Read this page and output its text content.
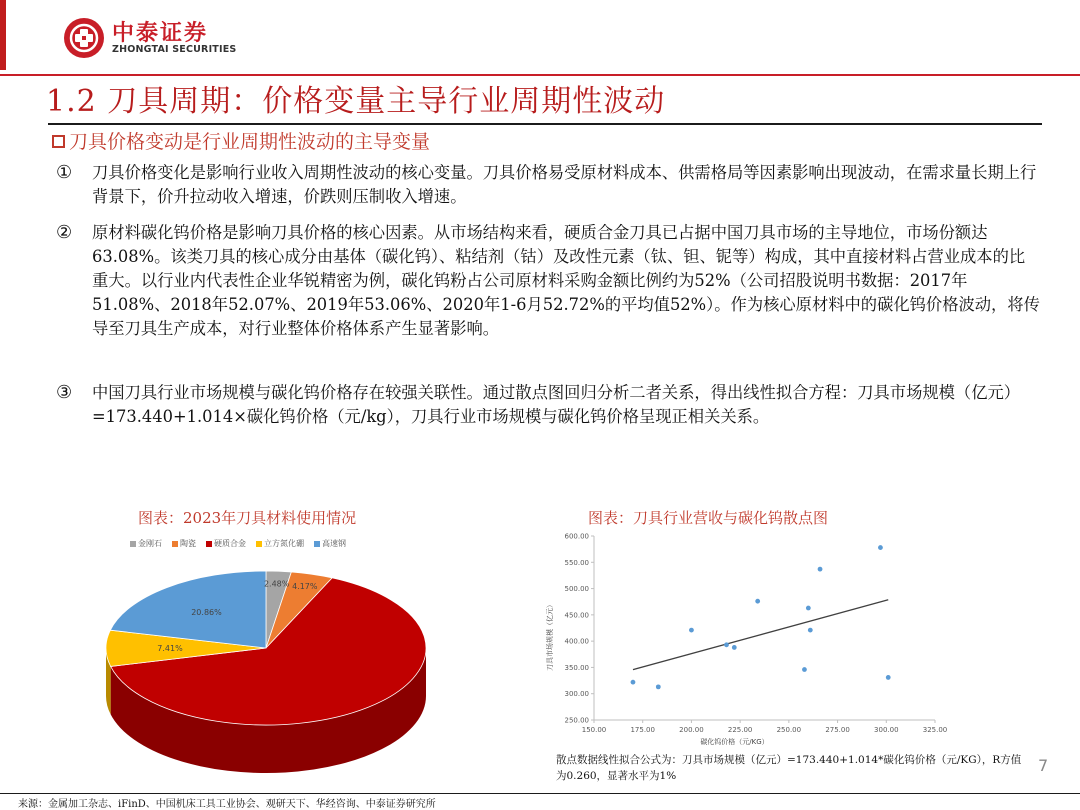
中泰证券
ZHONGTAI SECURITIES
1.2 刀具周期：价格变量主导行业周期性波动
刀具价格变动是行业周期性波动的主导变量
① 刀具价格变化是影响行业收入周期性波动的核心变量。刀具价格易受原材料成本、供需格局等因素影响出现波动，在需求量长期上行背景下，价升拉动收入增速，价跌则压制收入增速。
② 原材料碳化钨价格是影响刀具价格的核心因素。从市场结构来看，硬质合金刀具已占据中国刀具市场的主导地位，市场份额达63.08%。该类刀具的核心成分由基体（碳化钨）、粘结剂（钴）及改性元素（钛、钽、铌等）构成，其中直接材料占营业成本的比重大。以行业内代表性企业华锐精密为例，碳化钨粉占公司原材料采购金额比例约为52%（公司招股说明书数据：2017年51.08%、2018年52.07%、2019年53.06%、2020年1-6月52.72%的平均值52%）。作为核心原材料中的碳化钨价格波动，将传导至刀具生产成本，对行业整体价格体系产生显著影响。
③ 中国刀具行业市场规模与碳化钨价格存在较强关联性。通过散点图回归分析二者关系，得出线性拟合方程：刀具市场规模（亿元）=173.440+1.014×碳化钨价格（元/kg），刀具行业市场规模与碳化钨价格呈现正相关关系。
图表：2023年刀具材料使用情况
金刚石 陶瓷 硬质合金 立方氮化硼 高速钢
2.48% 4.17%
7.41%
20.86%
图表：刀具行业营收与碳化钨散点图
250.00
300.00
350.00
400.00
450.00
500.00
550.00
600.00
150.00	175.00	200.00	225.00	250.00	275.00	300.00	325.00
碳化钨价格（元/KG）
刀具市场规模（亿元）
散点数据线性拟合公式为：刀具市场规模（亿元）=173.440+1.014*碳化钨价格（元/KG），R方值为0.260，显著水平为1%
7
来源：金属加工杂志、iFinD、中国机床工具工业协会、观研天下、华经咨询、中泰证券研究所
